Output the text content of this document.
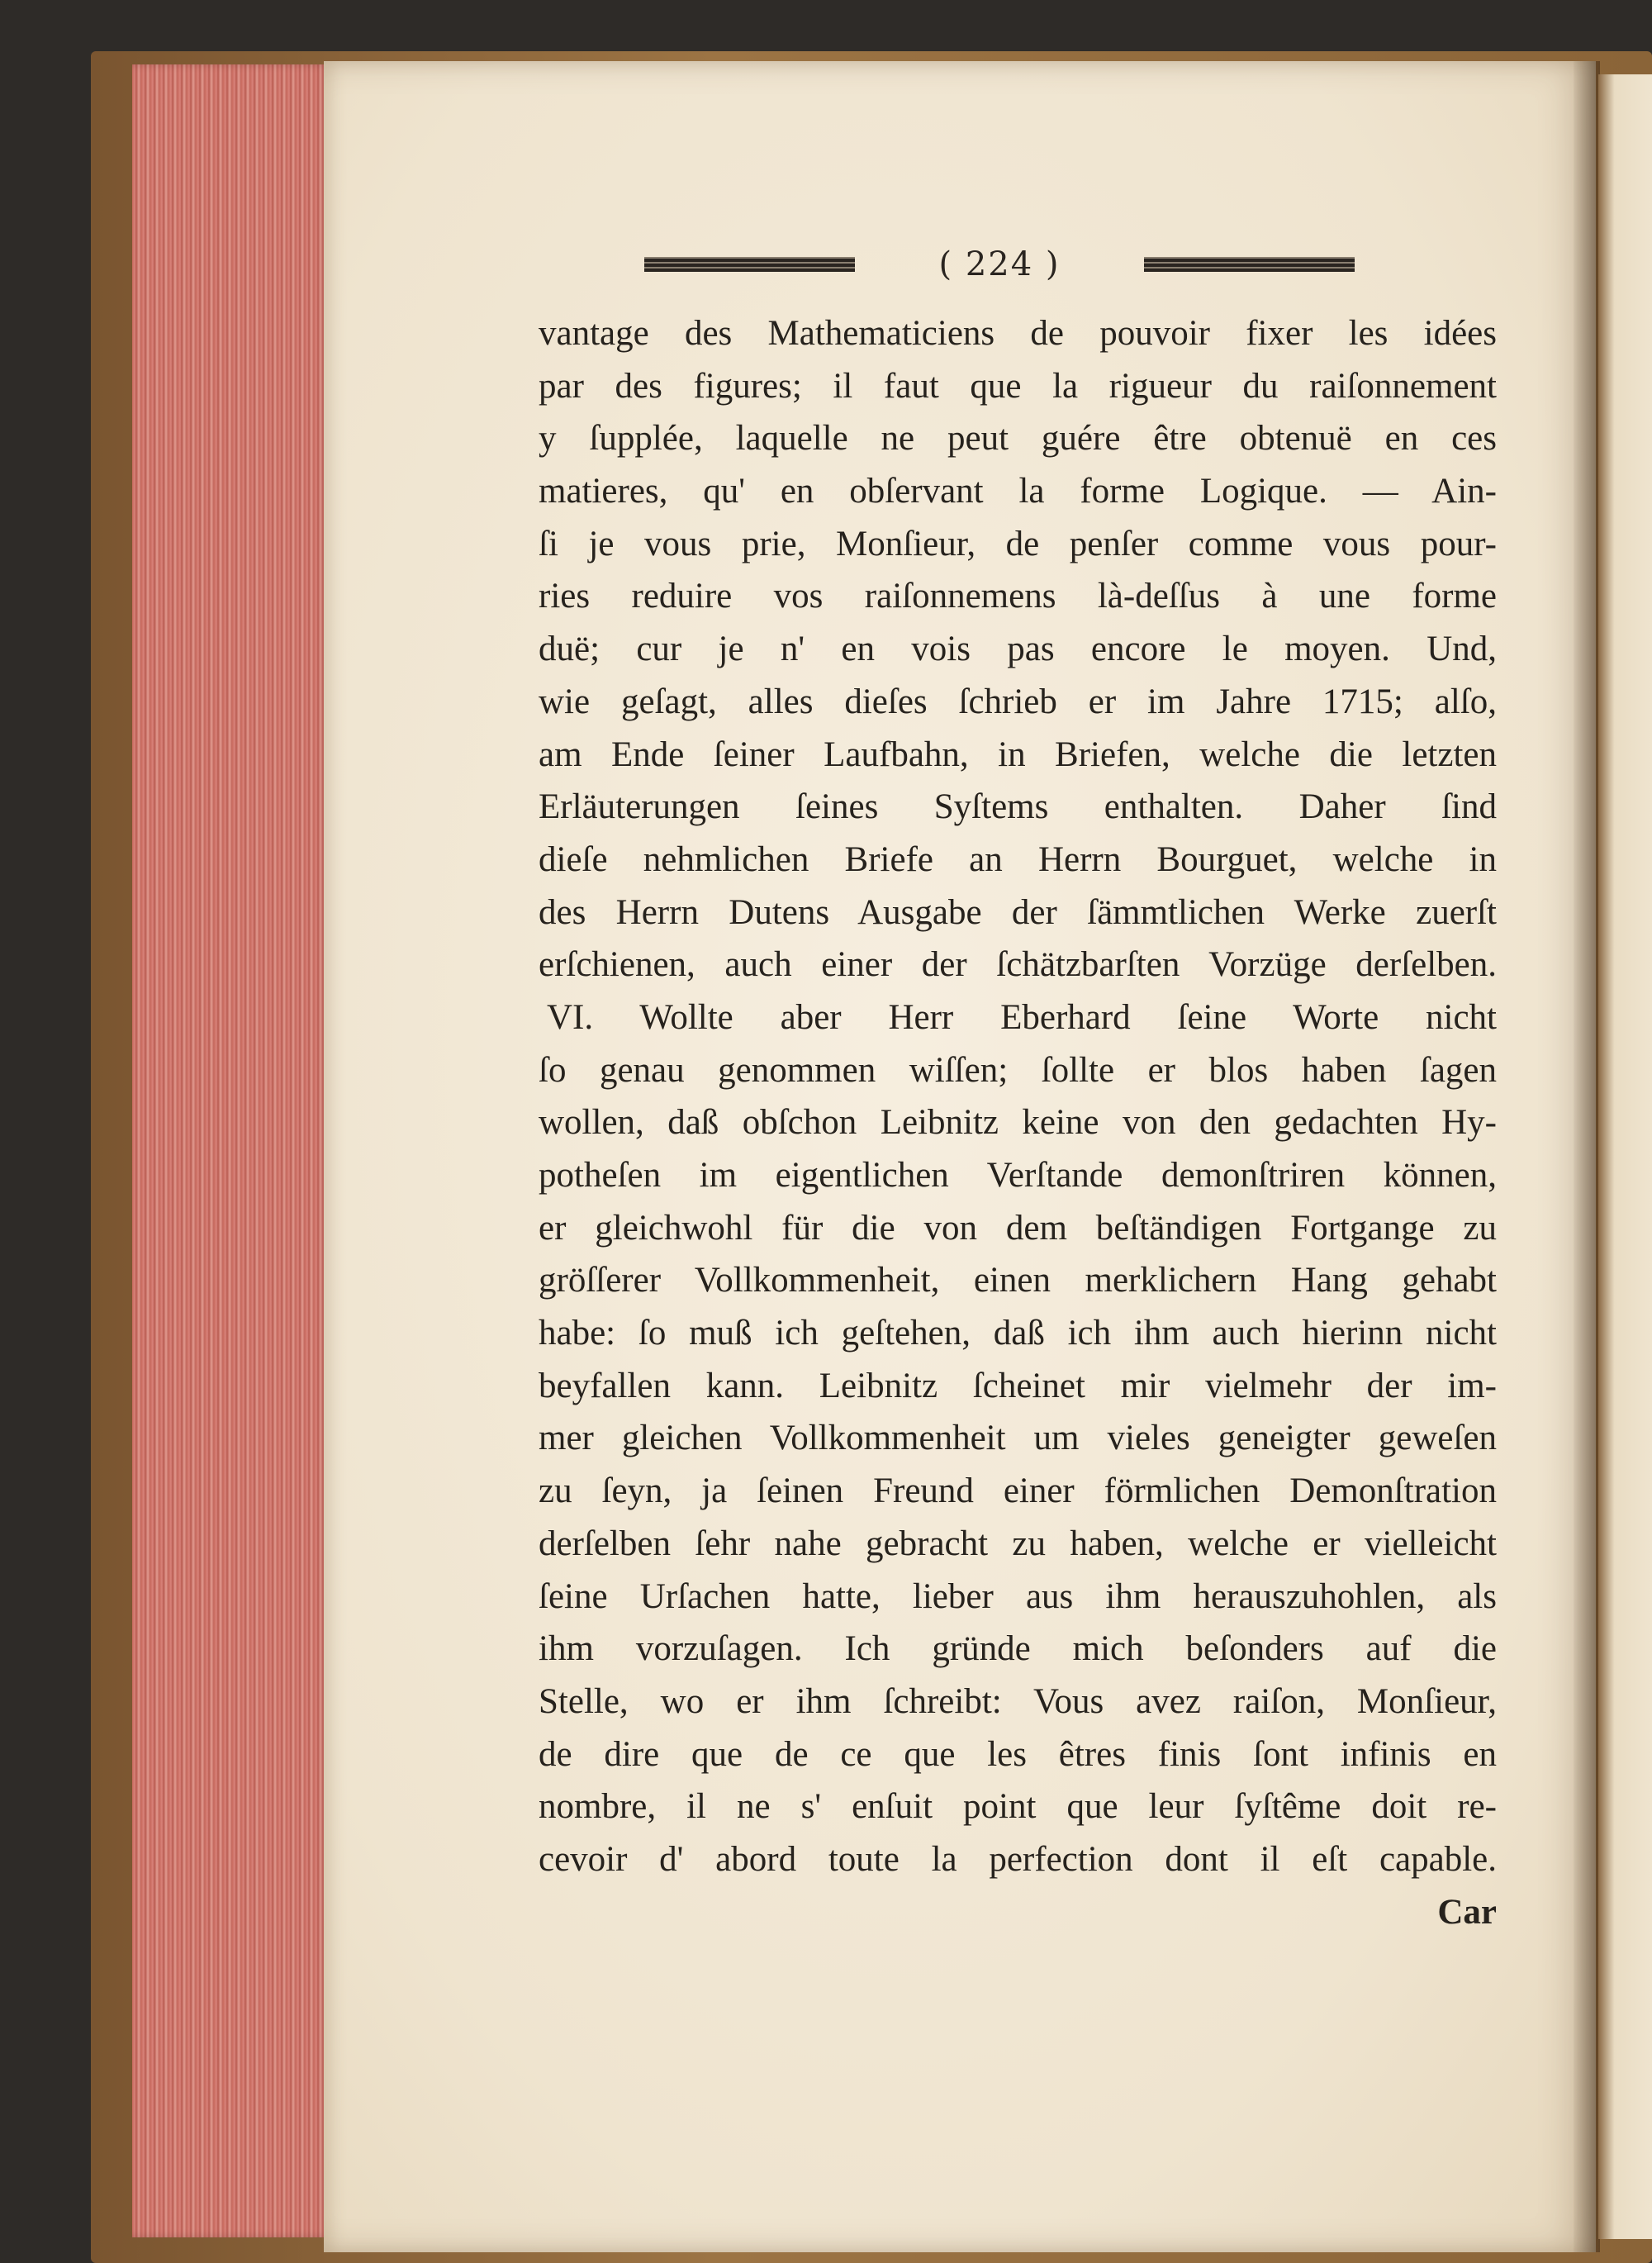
( 224 )
vantage des Mathematiciens de pouvoir fixer les idées
par des figures; il faut que la rigueur du raiſonnement
y ſupplée, laquelle ne peut guére être obtenuë en ces
matieres, qu' en obſervant la forme Logique. — Ain-
ſi je vous prie, Monſieur, de penſer comme vous pour-
ries reduire vos raiſonnemens là-deſſus à une forme
duë; cur je n' en vois pas encore le moyen. Und,
wie geſagt, alles dieſes ſchrieb er im Jahre 1715; alſo,
am Ende ſeiner Laufbahn, in Briefen, welche die letzten
Erläuterungen ſeines Syſtems enthalten. Daher ſind
dieſe nehmlichen Briefe an Herrn Bourguet, welche in
des Herrn Dutens Ausgabe der ſämmtlichen Werke zuerſt
erſchienen, auch einer der ſchätzbarſten Vorzüge derſelben.
VI. Wollte aber Herr Eberhard ſeine Worte nicht
ſo genau genommen wiſſen; ſollte er blos haben ſagen
wollen, daß obſchon Leibnitz keine von den gedachten Hy-
potheſen im eigentlichen Verſtande demonſtriren können,
er gleichwohl für die von dem beſtändigen Fortgange zu
gröſſerer Vollkommenheit, einen merklichern Hang gehabt
habe: ſo muß ich geſtehen, daß ich ihm auch hierinn nicht
beyfallen kann. Leibnitz ſcheinet mir vielmehr der im-
mer gleichen Vollkommenheit um vieles geneigter geweſen
zu ſeyn, ja ſeinen Freund einer förmlichen Demonſtration
derſelben ſehr nahe gebracht zu haben, welche er vielleicht
ſeine Urſachen hatte, lieber aus ihm herauszuhohlen, als
ihm vorzuſagen. Ich gründe mich beſonders auf die
Stelle, wo er ihm ſchreibt: Vous avez raiſon, Monſieur,
de dire que de ce que les êtres finis ſont infinis en
nombre, il ne s' enſuit point que leur ſyſtême doit re-
cevoir d' abord toute la perfection dont il eſt capable.
Car
